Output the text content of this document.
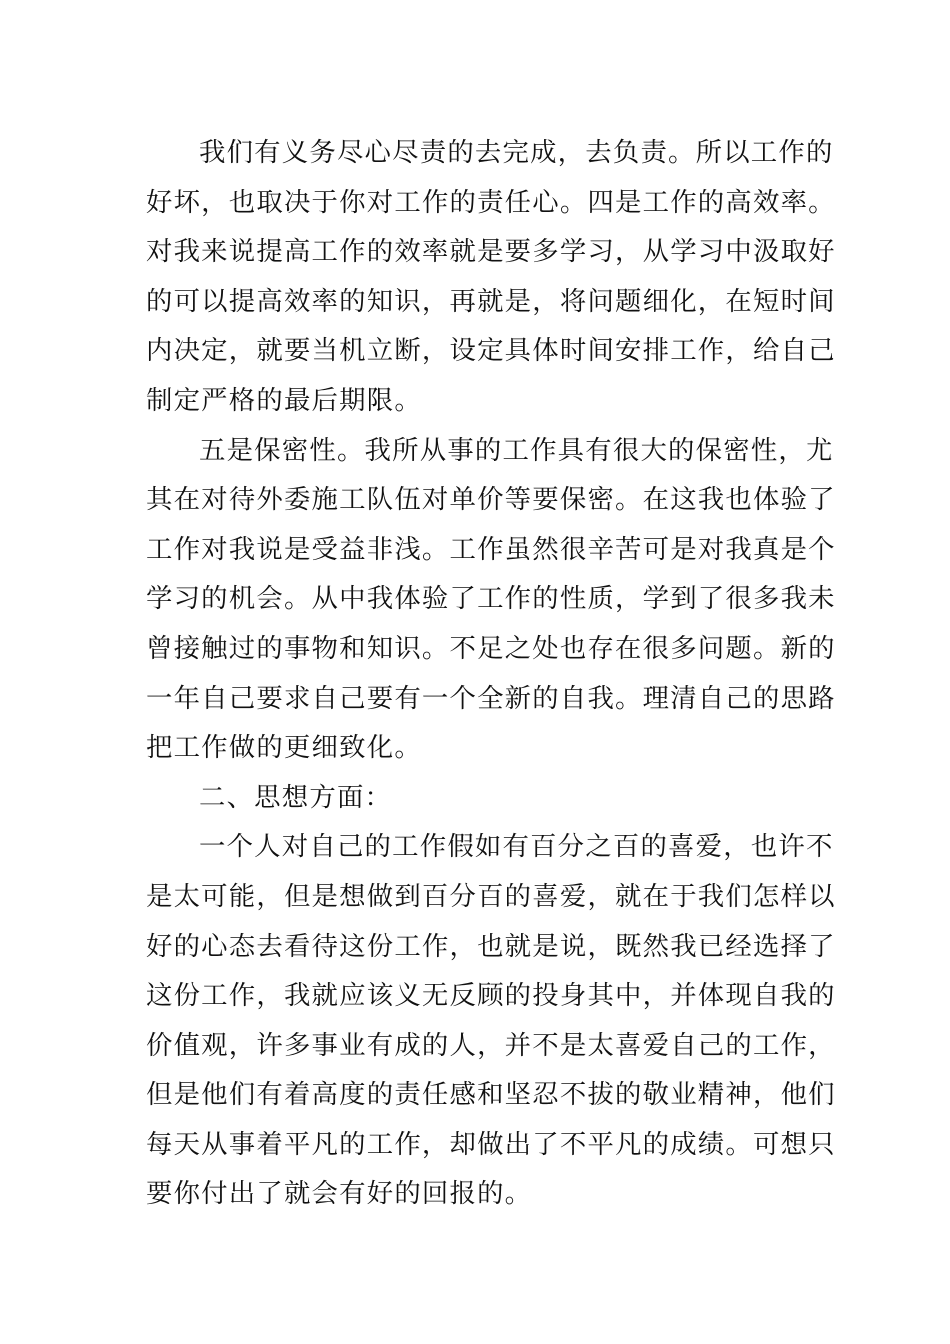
我们有义务尽心尽责的去完成，去负责。所以工作的
好坏，也取决于你对工作的责任心。四是工作的高效率。
对我来说提高工作的效率就是要多学习，从学习中汲取好
的可以提高效率的知识，再就是，将问题细化，在短时间
内决定，就要当机立断，设定具体时间安排工作，给自己
制定严格的最后期限。
五是保密性。我所从事的工作具有很大的保密性，尤
其在对待外委施工队伍对单价等要保密。在这我也体验了
工作对我说是受益非浅。工作虽然很辛苦可是对我真是个
学习的机会。从中我体验了工作的性质，学到了很多我未
曾接触过的事物和知识。不足之处也存在很多问题。新的
一年自己要求自己要有一个全新的自我。理清自己的思路
把工作做的更细致化。
二、思想方面：
一个人对自己的工作假如有百分之百的喜爱，也许不
是太可能，但是想做到百分百的喜爱，就在于我们怎样以
好的心态去看待这份工作，也就是说，既然我已经选择了
这份工作，我就应该义无反顾的投身其中，并体现自我的
价值观，许多事业有成的人，并不是太喜爱自己的工作，
但是他们有着高度的责任感和坚忍不拔的敬业精神，他们
每天从事着平凡的工作，却做出了不平凡的成绩。可想只
要你付出了就会有好的回报的。
